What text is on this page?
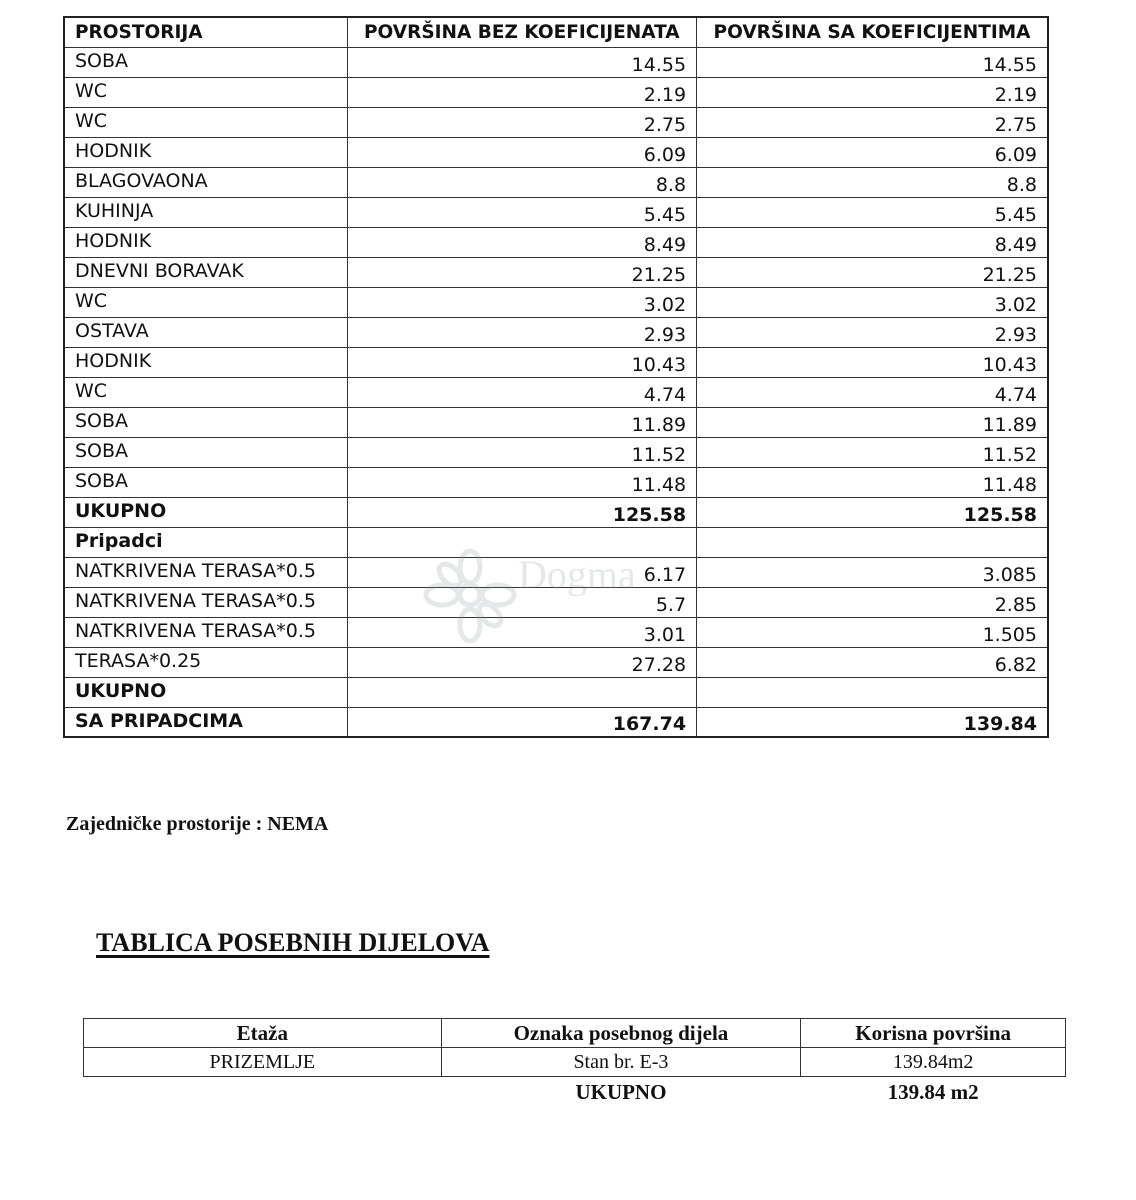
PROSTORIJA	POVRŠINA BEZ KOEFICIJENATA	POVRŠINA SA KOEFICIJENTIMA
SOBA	14.55	14.55
WC	2.19	2.19
WC	2.75	2.75
HODNIK	6.09	6.09
BLAGOVAONA	8.8	8.8
KUHINJA	5.45	5.45
HODNIK	8.49	8.49
DNEVNI BORAVAK	21.25	21.25
WC	3.02	3.02
OSTAVA	2.93	2.93
HODNIK	10.43	10.43
WC	4.74	4.74
SOBA	11.89	11.89
SOBA	11.52	11.52
SOBA	11.48	11.48
UKUPNO	125.58	125.58
Pripadci		
NATKRIVENA TERASA*0.5	6.17	3.085
NATKRIVENA TERASA*0.5	5.7	2.85
NATKRIVENA TERASA*0.5	3.01	1.505
TERASA*0.25	27.28	6.82
UKUPNO		
SA PRIPADCIMA	167.74	139.84
Dogma
Zajedničke prostorije : NEMA
TABLICA POSEBNIH DIJELOVA
Etaža	Oznaka posebnog dijela	Korisna površina
PRIZEMLJE	Stan br. E-3	139.84m2
	UKUPNO	139.84 m2
